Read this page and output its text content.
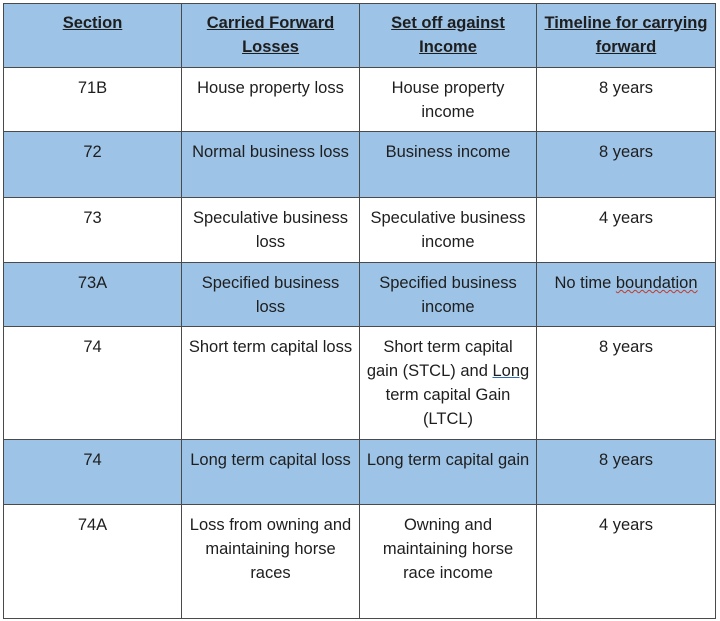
Section	Carried Forward Losses	Set off against Income	Timeline for carrying forward
71B	House property loss	House property income	8 years
72	Normal business loss	Business income	8 years
73	Speculative business loss	Speculative business income	4 years
73A	Specified business loss	Specified business income	No time boundation
74	Short term capital loss	Short term capital gain (STCL) and Long term capital Gain (LTCL)	8 years
74	Long term capital loss	Long term capital gain	8 years
74A	Loss from owning and maintaining horse races	Owning and maintaining horse race income	4 years
